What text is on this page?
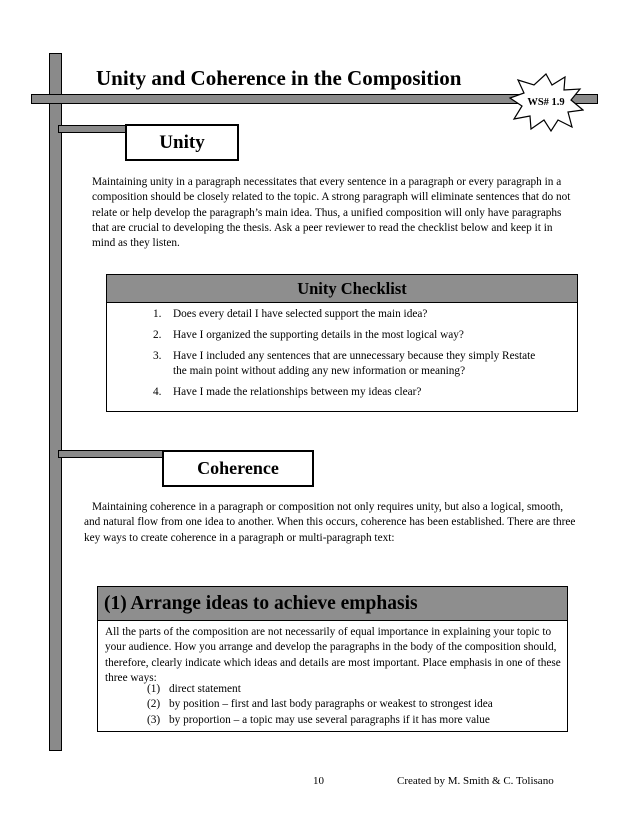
Unity and Coherence in the Composition
WS# 1.9
Unity
Maintaining unity in a paragraph necessitates that every sentence in a paragraph or every paragraph in a composition should be closely related to the topic. A strong paragraph will eliminate sentences that do not relate or help develop the paragraph’s main idea. Thus, a unified composition will only have paragraphs that are crucial to developing the thesis. Ask a peer reviewer to read the checklist below and keep it in mind as they listen.
Unity Checklist
1.	Does every detail I have selected support the main idea?
2.	Have I organized the supporting details in the most logical way?
3.	Have I included any sentences that are unnecessary because they simply Restate the main point without adding any new information or meaning?
4.	Have I made the relationships between my ideas clear?
Coherence
Maintaining coherence in a paragraph or composition not only requires unity, but also a logical, smooth, and natural flow from one idea to another. When this occurs, coherence has been established. There are three key ways to create coherence in a paragraph or multi-paragraph text:
(1) Arrange ideas to achieve emphasis
All the parts of the composition are not necessarily of equal importance in explaining your topic to your audience. How you arrange and develop the paragraphs in the body of the composition should, therefore, clearly indicate which ideas and details are most important. Place emphasis in one of these three ways:
(1) direct statement
(2) by position – first and last body paragraphs or weakest to strongest idea
(3) by proportion – a topic may use several paragraphs if it has more value
10	Created by M. Smith & C. Tolisano
